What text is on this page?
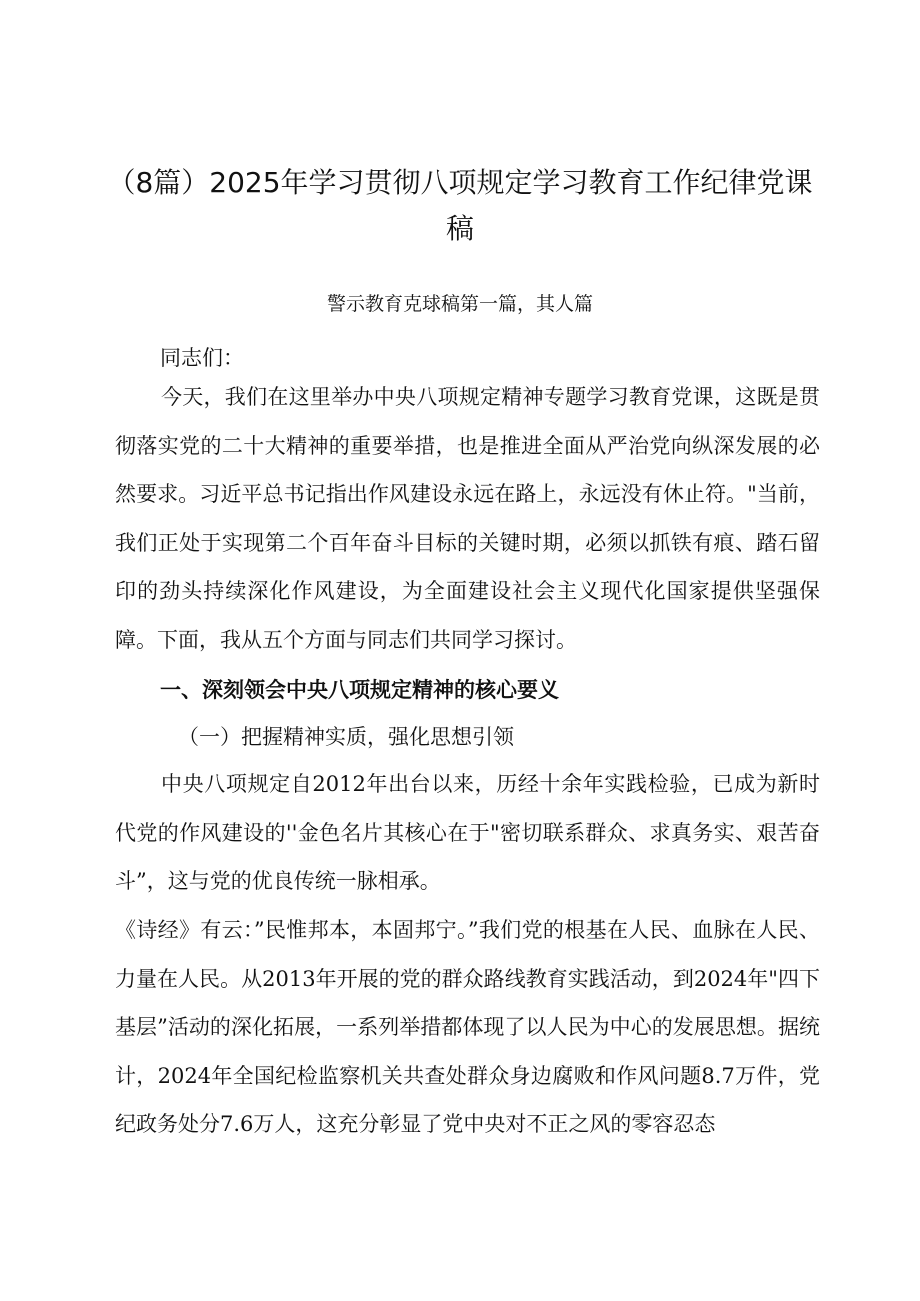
（8篇）2025年学习贯彻八项规定学习教育工作纪律党课稿

警示教育克球稿第一篇，其人篇

同志们：

今天，我们在这里举办中央八项规定精神专题学习教育党课，这既是贯彻落实党的二十大精神的重要举措，也是推进全面从严治党向纵深发展的必然要求。习近平总书记指出作风建设永远在路上，永远没有休止符。"当前，我们正处于实现第二个百年奋斗目标的关键时期，必须以抓铁有痕、踏石留印的劲头持续深化作风建设，为全面建设社会主义现代化国家提供坚强保障。下面，我从五个方面与同志们共同学习探讨。

一、深刻领会中央八项规定精神的核心要义

（一）把握精神实质，强化思想引领

中央八项规定自2012年出台以来，历经十余年实践检验，已成为新时代党的作风建设的''金色名片其核心在于"密切联系群众、求真务实、艰苦奋斗”，这与党的优良传统一脉相承。

《诗经》有云：”民惟邦本，本固邦宁。”我们党的根基在人民、血脉在人民、力量在人民。从2013年开展的党的群众路线教育实践活动，到2024年"四下基层”活动的深化拓展，一系列举措都体现了以人民为中心的发展思想。据统计，2024年全国纪检监察机关共查处群众身边腐败和作风问题8.7万件，党纪政务处分7.6万人，这充分彰显了党中央对不正之风的零容忍态
